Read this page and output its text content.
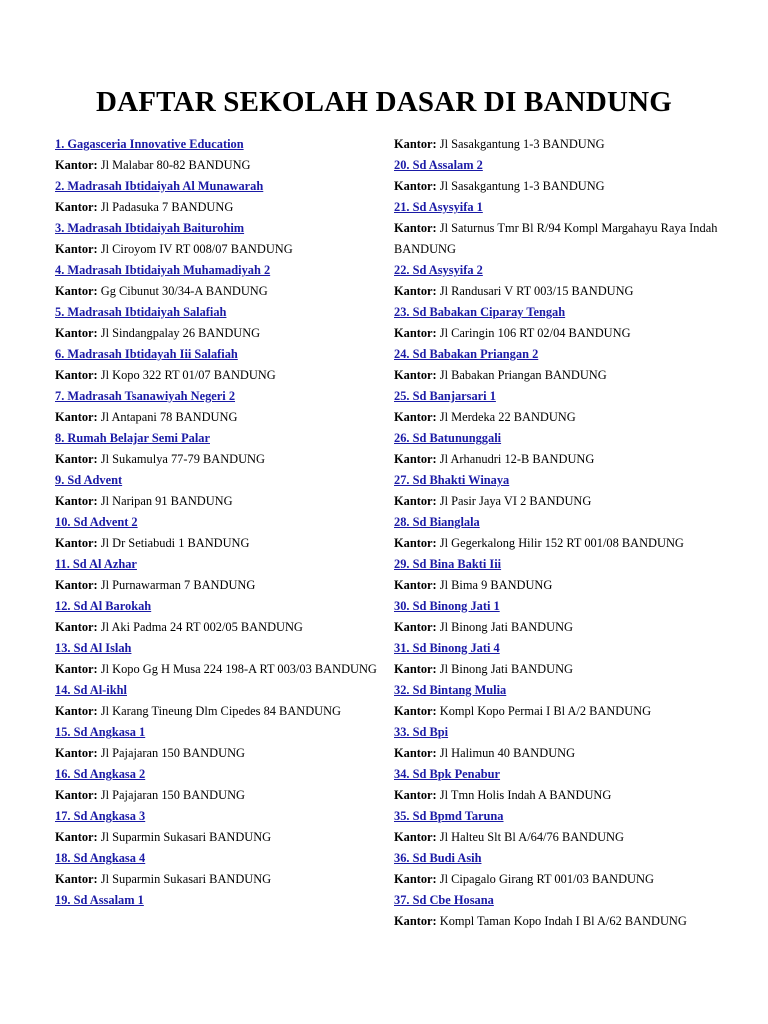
DAFTAR SEKOLAH DASAR DI BANDUNG
1. Gagasceria Innovative Education
Kantor: Jl Malabar 80-82 BANDUNG
2. Madrasah Ibtidaiyah Al Munawarah
Kantor: Jl Padasuka 7 BANDUNG
3. Madrasah Ibtidaiyah Baiturohim
Kantor: Jl Ciroyom IV RT 008/07 BANDUNG
4. Madrasah Ibtidaiyah Muhamadiyah 2
Kantor: Gg Cibunut 30/34-A BANDUNG
5. Madrasah Ibtidaiyah Salafiah
Kantor: Jl Sindangpalay 26 BANDUNG
6. Madrasah Ibtidayah Iii Salafiah
Kantor: Jl Kopo 322 RT 01/07 BANDUNG
7. Madrasah Tsanawiyah Negeri 2
Kantor: Jl Antapani 78 BANDUNG
8. Rumah Belajar Semi Palar
Kantor: Jl Sukamulya 77-79 BANDUNG
9. Sd Advent
Kantor: Jl Naripan 91 BANDUNG
10. Sd Advent 2
Kantor: Jl Dr Setiabudi 1 BANDUNG
11. Sd Al Azhar
Kantor: Jl Purnawarman 7 BANDUNG
12. Sd Al Barokah
Kantor: Jl Aki Padma 24 RT 002/05 BANDUNG
13. Sd Al Islah
Kantor: Jl Kopo Gg H Musa 224 198-A RT 003/03 BANDUNG
14. Sd Al-ikhl
Kantor: Jl Karang Tineung Dlm Cipedes 84 BANDUNG
15. Sd Angkasa 1
Kantor: Jl Pajajaran 150 BANDUNG
16. Sd Angkasa 2
Kantor: Jl Pajajaran 150 BANDUNG
17. Sd Angkasa 3
Kantor: Jl Suparmin Sukasari BANDUNG
18. Sd Angkasa 4
Kantor: Jl Suparmin Sukasari BANDUNG
19. Sd Assalam 1
Kantor: Jl Sasakgantung 1-3 BANDUNG
20. Sd Assalam 2
Kantor: Jl Sasakgantung 1-3 BANDUNG
21. Sd Asysyifa 1
Kantor: Jl Saturnus Tmr Bl R/94 Kompl Margahayu Raya Indah BANDUNG
22. Sd Asysyifa 2
Kantor: Jl Randusari V RT 003/15 BANDUNG
23. Sd Babakan Ciparay Tengah
Kantor: Jl Caringin 106 RT 02/04 BANDUNG
24. Sd Babakan Priangan 2
Kantor: Jl Babakan Priangan BANDUNG
25. Sd Banjarsari 1
Kantor: Jl Merdeka 22 BANDUNG
26. Sd Batununggali
Kantor: Jl Arhanudri 12-B BANDUNG
27. Sd Bhakti Winaya
Kantor: Jl Pasir Jaya VI 2 BANDUNG
28. Sd Bianglala
Kantor: Jl Gegerkalong Hilir 152 RT 001/08 BANDUNG
29. Sd Bina Bakti Iii
Kantor: Jl Bima 9 BANDUNG
30. Sd Binong Jati 1
Kantor: Jl Binong Jati BANDUNG
31. Sd Binong Jati 4
Kantor: Jl Binong Jati BANDUNG
32. Sd Bintang Mulia
Kantor: Kompl Kopo Permai I Bl A/2 BANDUNG
33. Sd Bpi
Kantor: Jl Halimun 40 BANDUNG
34. Sd Bpk Penabur
Kantor: Jl Tmn Holis Indah A BANDUNG
35. Sd Bpmd Taruna
Kantor: Jl Halteu Slt Bl A/64/76 BANDUNG
36. Sd Budi Asih
Kantor: Jl Cipagalo Girang RT 001/03 BANDUNG
37. Sd Cbe Hosana
Kantor: Kompl Taman Kopo Indah I Bl A/62 BANDUNG
